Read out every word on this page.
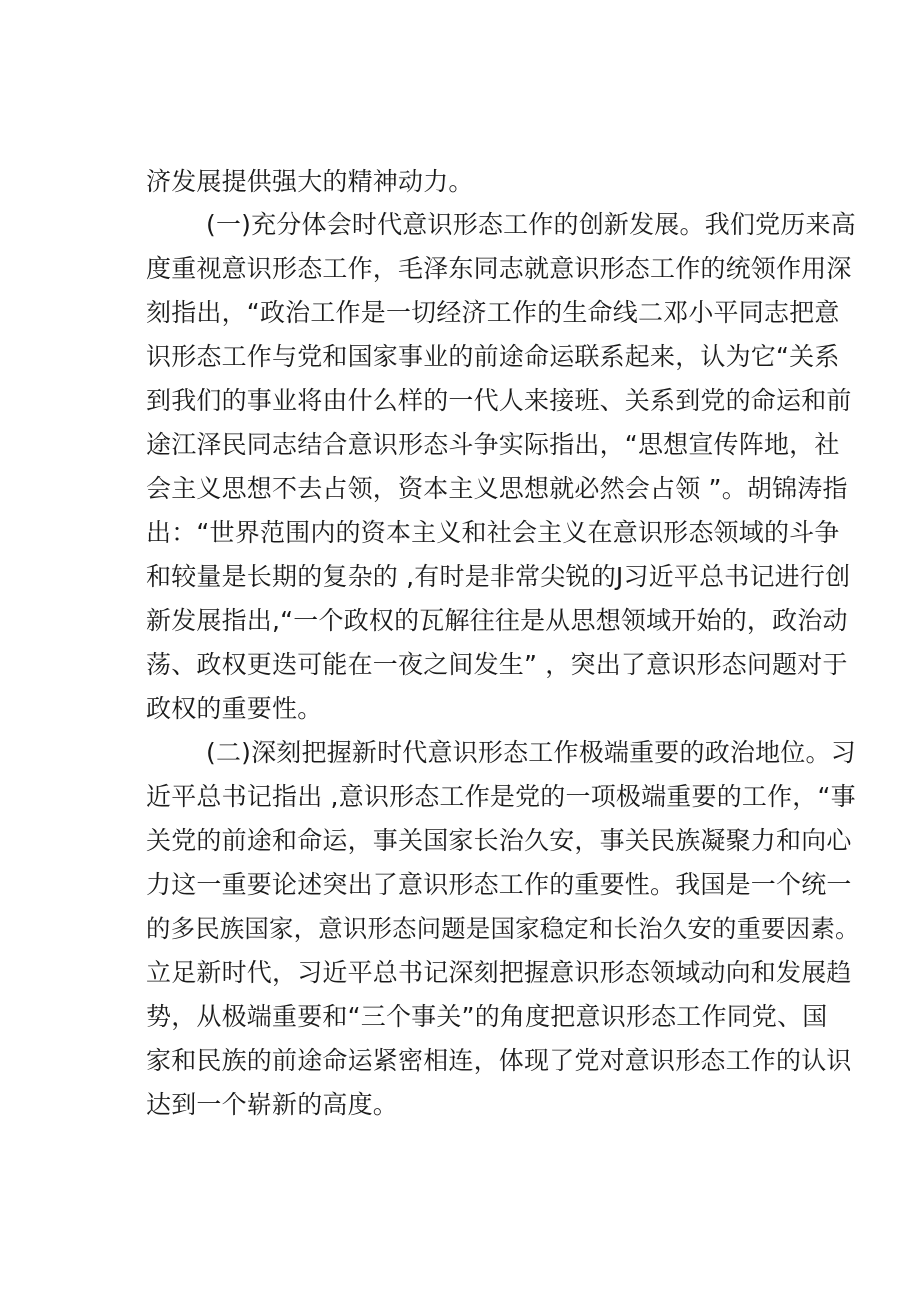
济发展提供强大的精神动力。
(一)充分体会时代意识形态工作的创新发展。我们党历来高
度重视意识形态工作，毛泽东同志就意识形态工作的统领作用深
刻指出，“政治工作是一切经济工作的生命线二邓小平同志把意
识形态工作与党和国家事业的前途命运联系起来，认为它“关系
到我们的事业将由什么样的一代人来接班、关系到党的命运和前
途江泽民同志结合意识形态斗争实际指出，“思想宣传阵地，社
会主义思想不去占领，资本主义思想就必然会占领 ”。胡锦涛指
出：“世界范围内的资本主义和社会主义在意识形态领域的斗争
和较量是长期的复杂的 ,有时是非常尖锐的J习近平总书记进行创
新发展指出,“一个政权的瓦解往往是从思想领域开始的，政治动
荡、政权更迭可能在一夜之间发生” ，突出了意识形态问题对于
政权的重要性。
(二)深刻把握新时代意识形态工作极端重要的政治地位。习
近平总书记指出 ,意识形态工作是党的一项极端重要的工作，“事
关党的前途和命运，事关国家长治久安，事关民族凝聚力和向心
力这一重要论述突出了意识形态工作的重要性。我国是一个统一
的多民族国家，意识形态问题是国家稳定和长治久安的重要因素。
立足新时代，习近平总书记深刻把握意识形态领域动向和发展趋
势，从极端重要和“三个事关”的角度把意识形态工作同党、国
家和民族的前途命运紧密相连，体现了党对意识形态工作的认识
达到一个崭新的高度。
